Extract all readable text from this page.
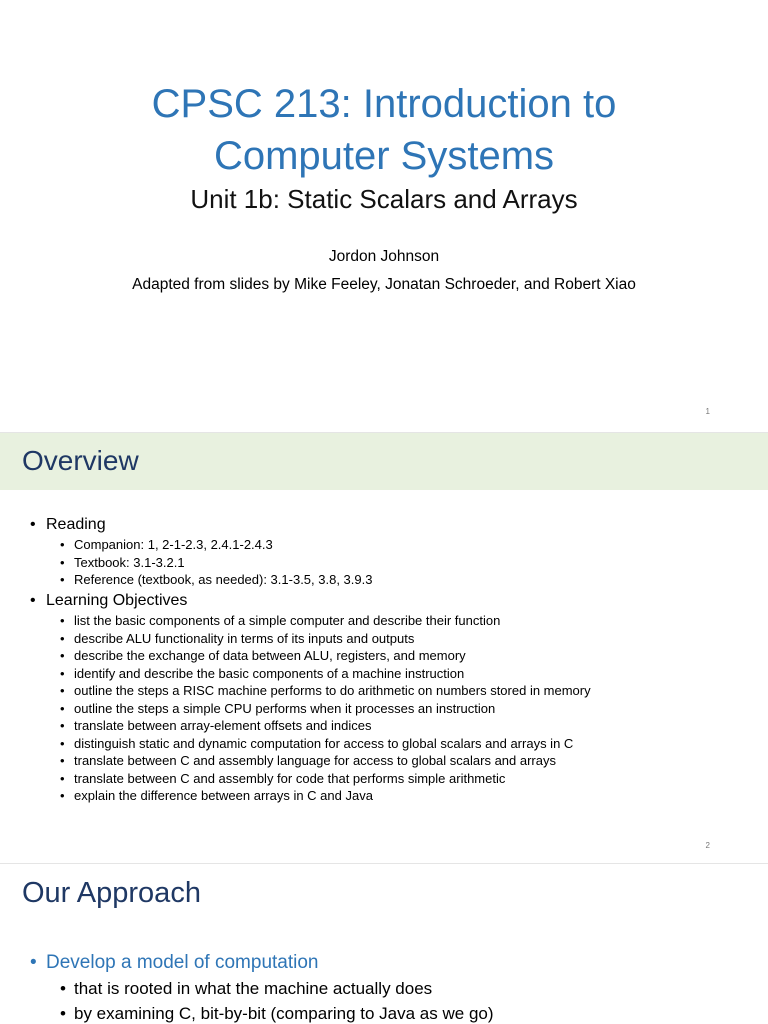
CPSC 213: Introduction to
Computer Systems
Unit 1b: Static Scalars and Arrays
Jordon Johnson
Adapted from slides by Mike Feeley, Jonatan Schroeder, and Robert Xiao
1
Overview
• Reading
• Companion: 1, 2-1-2.3, 2.4.1-2.4.3
• Textbook: 3.1-3.2.1
• Reference (textbook, as needed): 3.1-3.5, 3.8, 3.9.3
• Learning Objectives
• list the basic components of a simple computer and describe their function
• describe ALU functionality in terms of its inputs and outputs
• describe the exchange of data between ALU, registers, and memory
• identify and describe the basic components of a machine instruction
• outline the steps a RISC machine performs to do arithmetic on numbers stored in memory
• outline the steps a simple CPU performs when it processes an instruction
• translate between array-element offsets and indices
• distinguish static and dynamic computation for access to global scalars and arrays in C
• translate between C and assembly language for access to global scalars and arrays
• translate between C and assembly for code that performs simple arithmetic
• explain the difference between arrays in C and Java
2
Our Approach
• Develop a model of computation
• that is rooted in what the machine actually does
• by examining C, bit-by-bit (comparing to Java as we go)
